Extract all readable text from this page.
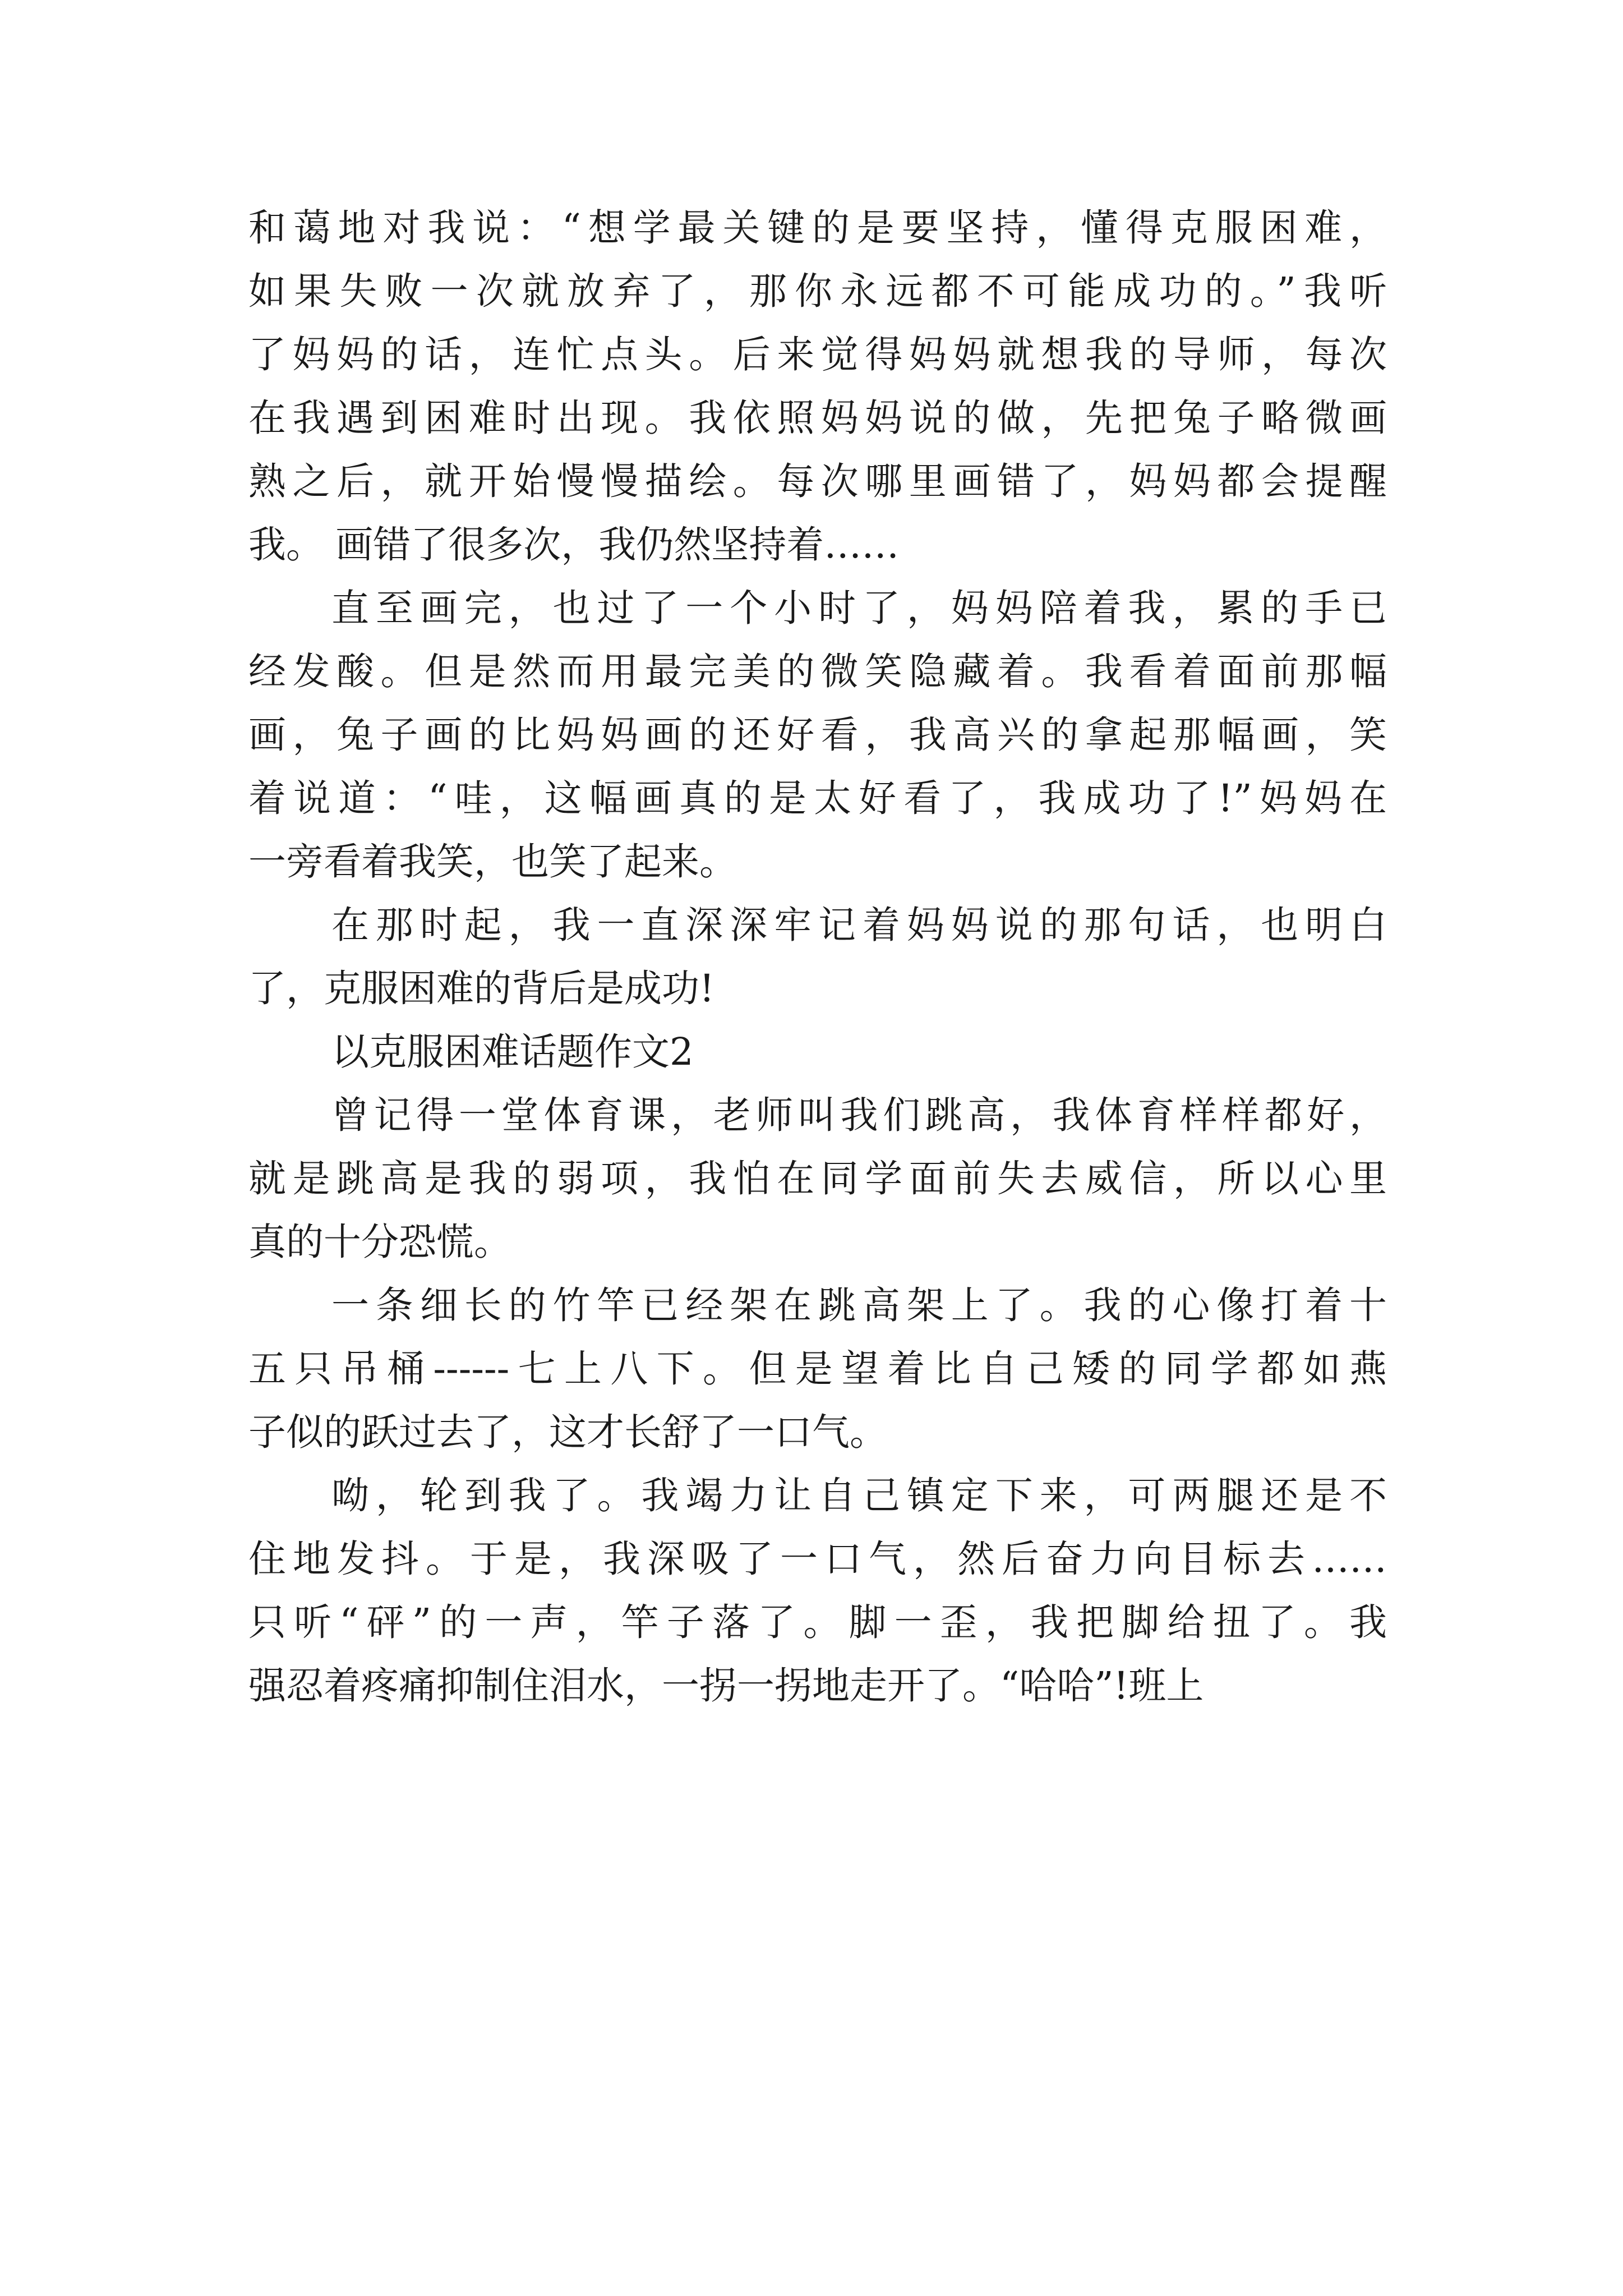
和蔼地对我说：“想学最关键的是要坚持，懂得克服困难，
如果失败一次就放弃了，那你永远都不可能成功的。”我听
了妈妈的话，连忙点头。后来觉得妈妈就想我的导师，每次
在我遇到困难时出现。我依照妈妈说的做，先把兔子略微画
熟之后，就开始慢慢描绘。每次哪里画错了，妈妈都会提醒
我。 画错了很多次，我仍然坚持着……
直至画完，也过了一个小时了，妈妈陪着我，累的手已
经发酸。但是然而用最完美的微笑隐藏着。我看着面前那幅
画，兔子画的比妈妈画的还好看，我高兴的拿起那幅画，笑
着说道：“哇，这幅画真的是太好看了，我成功了!”妈妈在
一旁看着我笑，也笑了起来。
在那时起，我一直深深牢记着妈妈说的那句话，也明白
了，克服困难的背后是成功!
以克服困难话题作文2
曾记得一堂体育课，老师叫我们跳高，我体育样样都好，
就是跳高是我的弱项，我怕在同学面前失去威信，所以心里
真的十分恐慌。
一条细长的竹竿已经架在跳高架上了。我的心像打着十
五只吊桶------七上八下。但是望着比自己矮的同学都如燕
子似的跃过去了，这才长舒了一口气。
呦，轮到我了。我竭力让自己镇定下来，可两腿还是不
住地发抖。于是，我深吸了一口气，然后奋力向目标去……
只听“砰”的一声，竿子落了。脚一歪，我把脚给扭了。我
强忍着疼痛抑制住泪水，一拐一拐地走开了。“哈哈”!班上
